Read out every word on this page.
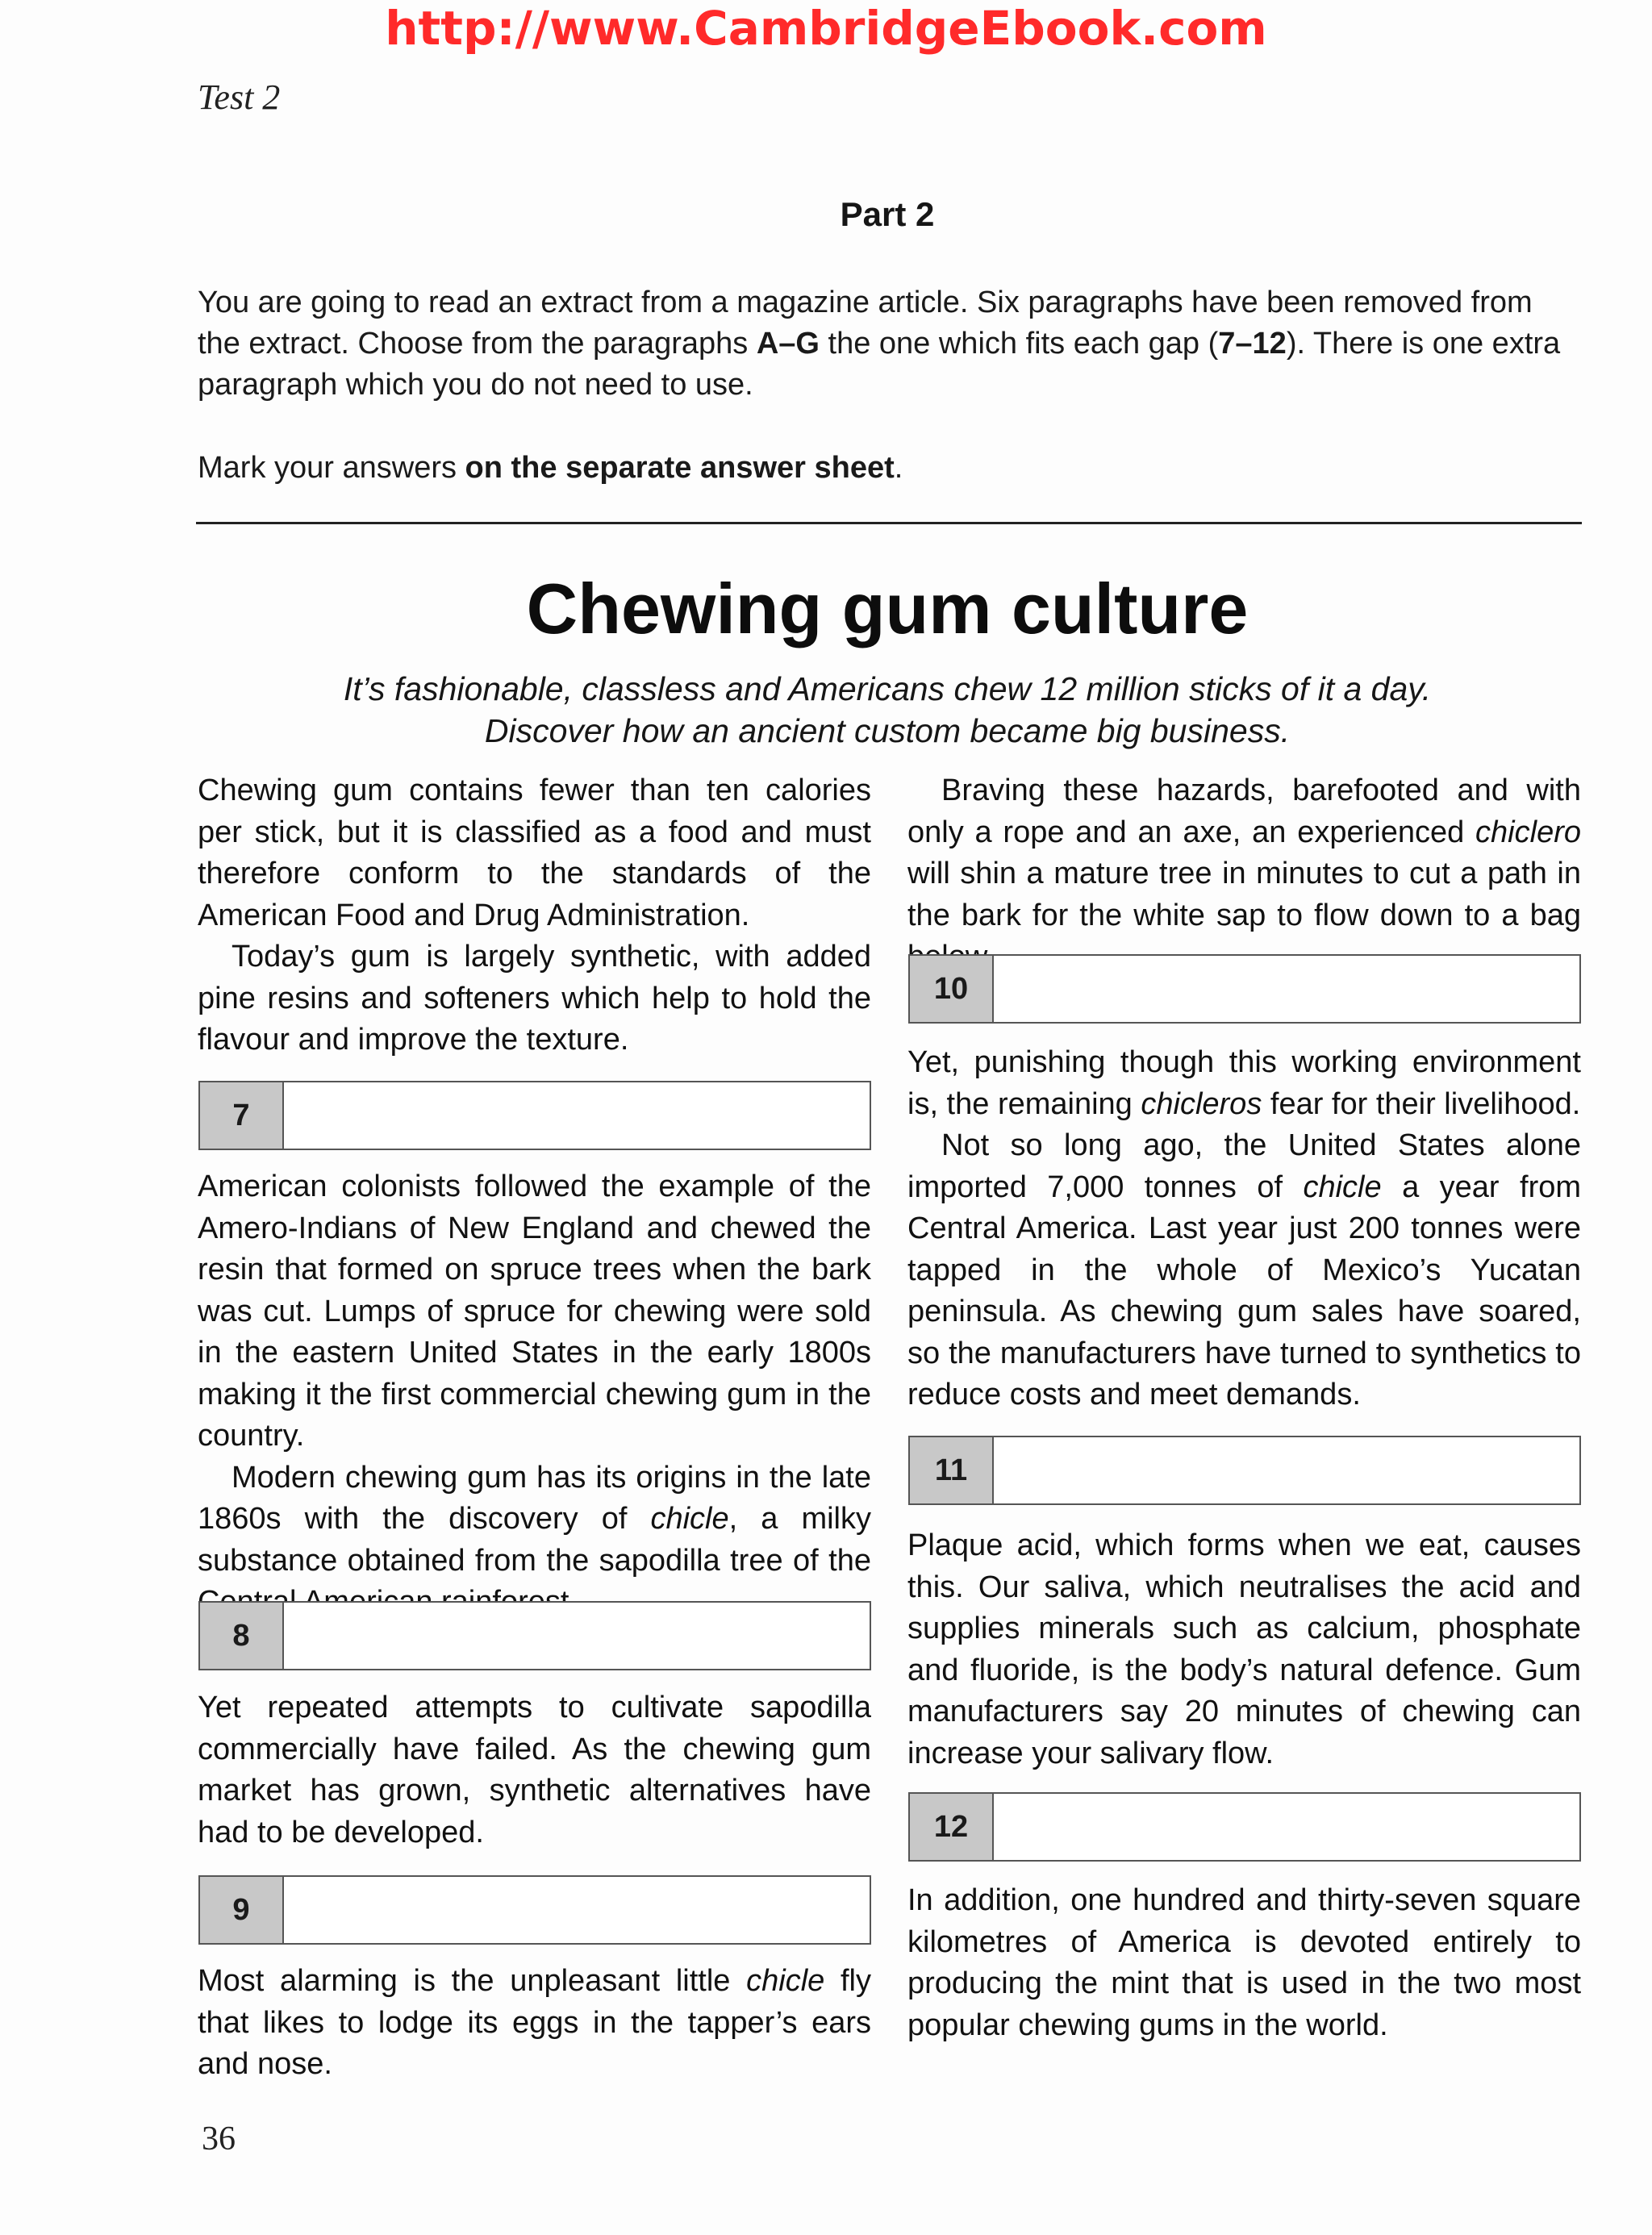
http://www.CambridgeEbook.com
Test 2
Part 2
You are going to read an extract from a magazine article. Six paragraphs have been removed from the extract. Choose from the paragraphs A–G the one which fits each gap (7–12). There is one extra paragraph which you do not need to use.
Mark your answers on the separate answer sheet.
Chewing gum culture
It’s fashionable, classless and Americans chew 12 million sticks of it a day.
Discover how an ancient custom became big business.

Chewing gum contains fewer than ten calories per stick, but it is classified as a food and must therefore conform to the standards of the American Food and Drug Administration.

Today’s gum is largely synthetic, with added pine resins and softeners which help to hold the flavour and improve the texture.

7

American colonists followed the example of the Amero-Indians of New England and chewed the resin that formed on spruce trees when the bark was cut. Lumps of spruce for chewing were sold in the eastern United States in the early 1800s making it the first commercial chewing gum in the country.

Modern chewing gum has its origins in the late 1860s with the discovery of chicle, a milky substance obtained from the sapodilla tree of the

8

Yet repeated attempts to cultivate sapodilla commercially have failed. As the chewing gum market has grown, synthetic alternatives have had to be developed.

9

Most alarming is the unpleasant little chicle fly that likes to lodge its eggs in the tapper’s ears and nose.

Braving these hazards, barefooted and with only a rope and an axe, an experienced chiclero will shin a mature tree in minutes to cut a path in the bark for the white sap to flow down to a bag

10

Yet, punishing though this working environment is, the remaining chicleros fear for their livelihood.

Not so long ago, the United States alone imported 7,000 tonnes of chicle a year from Central America. Last year just 200 tonnes were tapped in the whole of Mexico’s Yucatan peninsula. As chewing gum sales have soared, so the manufacturers have turned to synthetics to reduce costs and meet demands.

11

Plaque acid, which forms when we eat, causes this. Our saliva, which neutralises the acid and supplies minerals such as calcium, phosphate and fluoride, is the body’s natural defence. Gum manufacturers say 20 minutes of chewing can increase your salivary flow.

12

In addition, one hundred and thirty-seven square kilometres of America is devoted entirely to producing the mint that is used in the two most popular chewing gums in the world.

36
